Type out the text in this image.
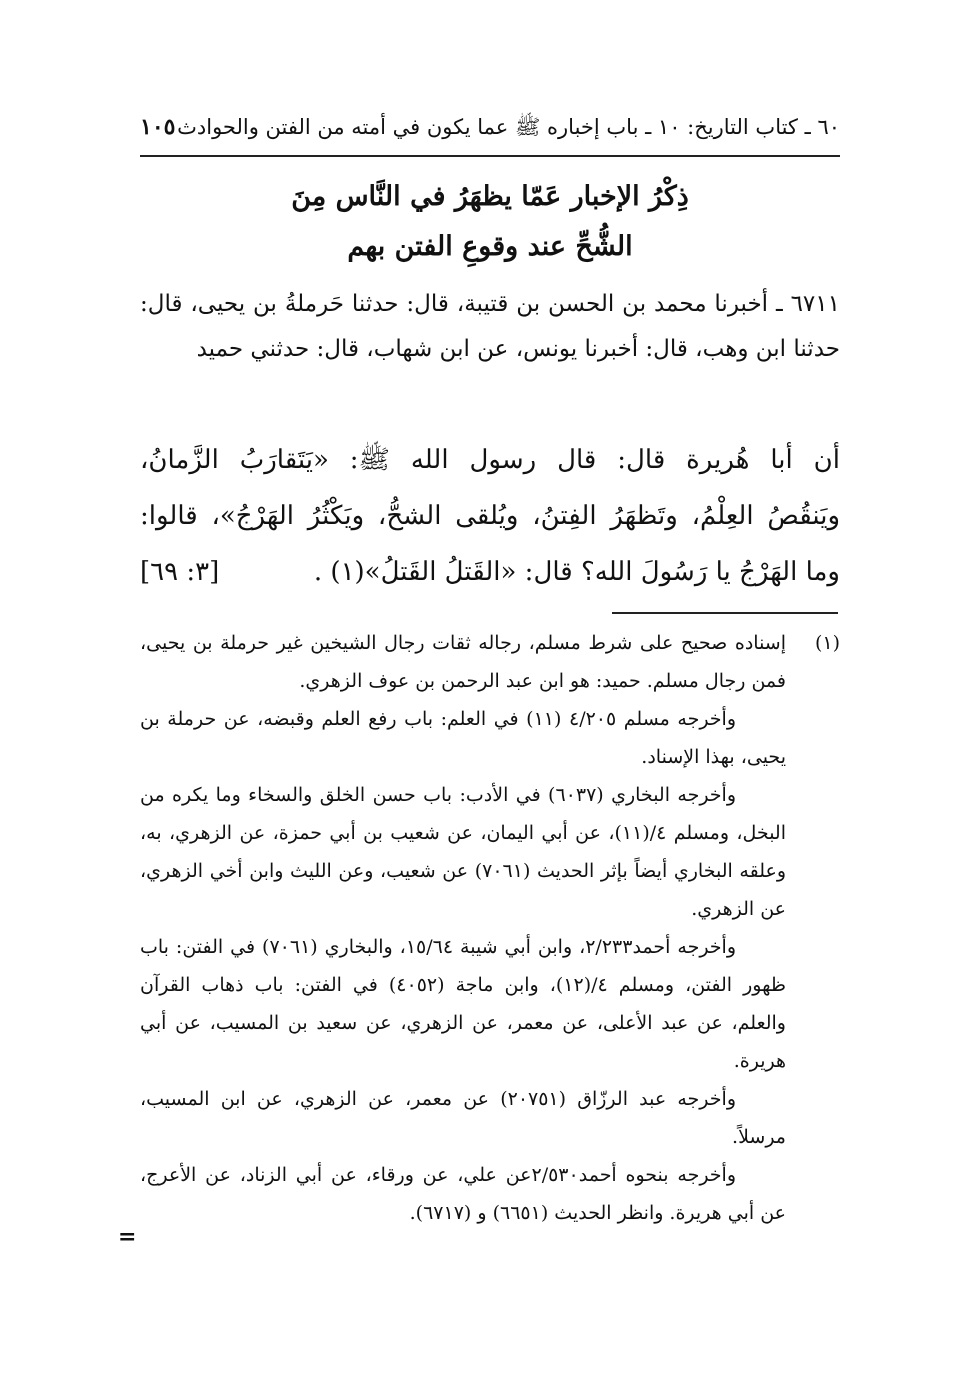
٦٠ ـ كتاب التاريخ: ١٠ ـ باب إخباره ﷺ عما يكون في أمته من الفتن والحوادث
١٠٥
ذِكْرُ الإخبار عَمّا يظهَرُ في النَّاس مِنَ
الشُّحِّ عند وقوعِ الفتن بهم
٦٧١١ ـ أخبرنا محمد بن الحسن بن قتيبة، قال: حدثنا حَرملةُ بن يحيى، قال: حدثنا ابن وهب، قال: أخبرنا يونس، عن ابن شهاب، قال: حدثني حميد
أن أبا هُريرة قال: قال رسول الله ﷺ: «يَتَقارَبُ الزَّمانُ،
ويَنقُصُ العِلْمُ، وتَظهَرُ الفِتنُ، ويُلقى الشحُّ، ويَكْثُرُ الهَرْجُ»، قالوا:
وما الهَرْجُ يا رَسُولَ الله؟ قال: «القَتلُ القَتلُ»(١) .
[٣: ٦٩]

(١)
إسناده صحيح على شرط مسلم، رجاله ثقات رجال الشيخين غير حرملة بن يحيى، فمن رجال مسلم. حميد: هو ابن عبد الرحمن بن عوف الزهري.

وأخرجه مسلم ٤/٢٠٥ (١١) في العلم: باب رفع العلم وقبضه، عن حرملة بن يحيى، بهذا الإسناد.

وأخرجه البخاري (٦٠٣٧) في الأدب: باب حسن الخلق والسخاء وما يكره من البخل، ومسلم ٤/(١١)، عن أبي اليمان، عن شعيب بن أبي حمزة، عن الزهري، به، وعلقه البخاري أيضاً بإثر الحديث (٧٠٦١) عن شعيب، وعن الليث وابن أخي الزهري، عن الزهري.

وأخرجه أحمد٢/٢٣٣، وابن أبي شيبة ١٥/٦٤، والبخاري (٧٠٦١) في الفتن: باب ظهور الفتن، ومسلم ٤/(١٢)، وابن ماجة (٤٠٥٢) في الفتن: باب ذهاب القرآن والعلم، عن عبد الأعلى، عن معمر، عن الزهري، عن سعيد بن المسيب، عن أبي هريرة.

وأخرجه عبد الرزّاق (٢٠٧٥١) عن معمر، عن الزهري، عن ابن المسيب، مرسلاً.

وأخرجه بنحوه أحمد٢/٥٣٠عن علي، عن ورقاء، عن أبي الزناد، عن الأعرج، عن أبي هريرة. وانظر الحديث (٦٦٥١) و (٦٧١٧).

=
